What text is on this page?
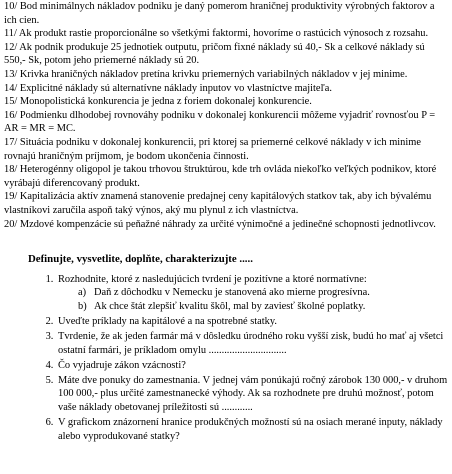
10/ Bod minimálnych nákladov podniku je daný pomerom hraničnej produktivity výrobných faktorov a ich cien.
11/ Ak produkt rastie proporcionálne so všetkými faktormi, hovoríme o rastúcich výnosoch z rozsahu.
12/ Ak podnik produkuje 25 jednotiek outputu, pričom fixné náklady sú 40,- Sk a celkové náklady sú 550,- Sk, potom jeho priemerné náklady sú 20.
13/ Krivka hraničných nákladov pretína krivku priemerných variabilných nákladov v jej minime.
14/ Explicitné náklady sú alternatívne náklady inputov vo vlastníctve majiteľa.
15/ Monopolistická konkurencia je jedna z foriem dokonalej konkurencie.
16/ Podmienku dlhodobej rovnováhy podniku v dokonalej konkurencii môžeme vyjadriť rovnosťou P = AR = MR = MC.
17/ Situácia podniku v dokonalej konkurencii, pri ktorej sa priemerné celkové náklady v ich minime rovnajú hraničným príjmom, je bodom ukončenia činnosti.
18/ Heterogénny oligopol je takou trhovou štruktúrou, kde trh ovláda niekoľko veľkých podnikov, ktoré vyrábajú diferencovaný produkt.
19/ Kapitalizácia aktív znamená stanovenie predajnej ceny kapitálových statkov tak, aby ich bývalému vlastníkovi zaručila aspoň taký výnos, aký mu plynul z ich vlastníctva.
20/ Mzdové kompenzácie sú peňažné náhrady za určité výnimočné a jedinečné schopnosti jednotlivcov.
Definujte, vysvetlite, doplňte, charakterizujte .....
1. Rozhodnite, ktoré z nasledujúcich tvrdení je pozitívne a ktoré normatívne:
a) Daň z dôchodku v Nemecku je stanovená ako mierne progresívna.
b) Ak chce štát zlepšiť kvalitu škôl, mal by zaviesť školné poplatky.
2. Uveďte príklady na kapitálové a na spotrebné statky.
3. Tvrdenie, že ak jeden farmár má v dôsledku úrodného roku vyšší zisk, budú ho mať aj všetci ostatní farmári, je príkladom omylu ..............................
4. Čo vyjadruje zákon vzácnosti?
5. Máte dve ponuky do zamestnania. V jednej vám ponúkajú ročný zárobok 130 000,- v druhom 100 000,- plus určité zamestnanecké výhody. Ak sa rozhodnete pre druhú možnosť, potom vaše náklady obetovanej príležitosti sú ............
6. V grafickom znázornení hranice produkčných možností sú na osiach merané inputy, náklady alebo vyprodukované statky?
